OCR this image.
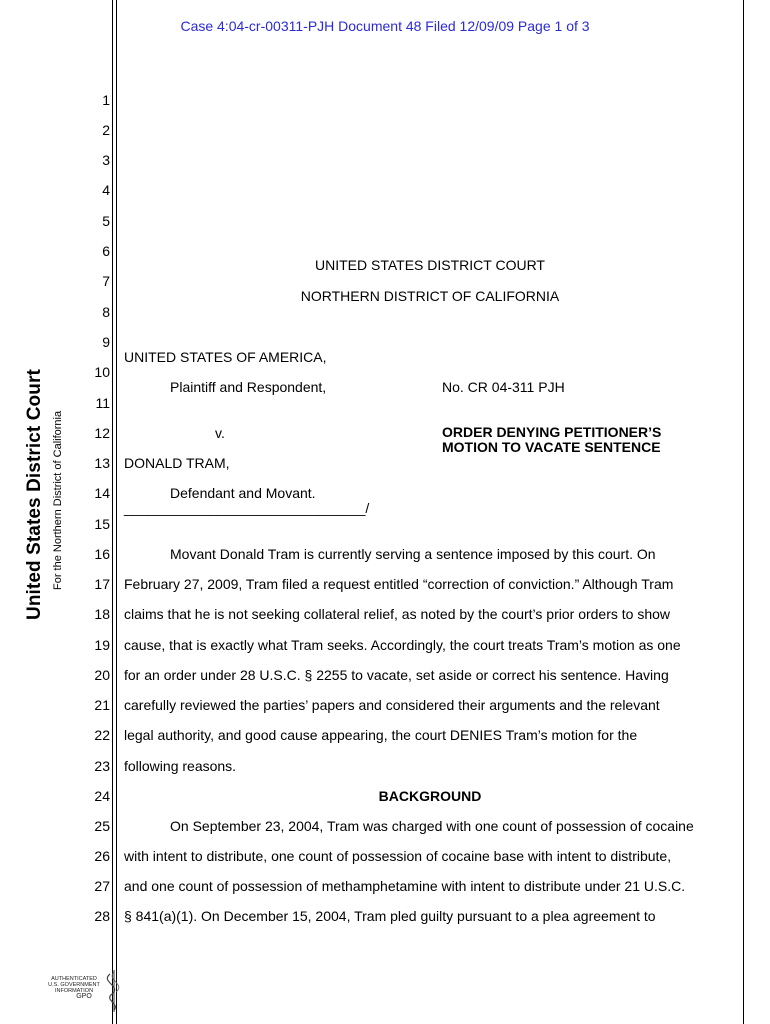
Case 4:04-cr-00311-PJH Document 48 Filed 12/09/09 Page 1 of 3
United States District Court For the Northern District of California
1
2
3
4
5
6
7
8
9
10
11
12
13
14
15
16
17
18
19
20
21
22
23
24
25
26
27
28
UNITED STATES DISTRICT COURT
NORTHERN DISTRICT OF CALIFORNIA
UNITED STATES OF AMERICA,
Plaintiff and Respondent,	No. CR 04-311 PJH
v.	ORDER DENYING PETITIONER’S
MOTION TO VACATE SENTENCE
DONALD TRAM,
Defendant and Movant.
_______________________________/
Movant Donald Tram is currently serving a sentence imposed by this court. On
February 27, 2009, Tram filed a request entitled “correction of conviction.” Although Tram
claims that he is not seeking collateral relief, as noted by the court’s prior orders to show
cause, that is exactly what Tram seeks. Accordingly, the court treats Tram’s motion as one
for an order under 28 U.S.C. § 2255 to vacate, set aside or correct his sentence. Having
carefully reviewed the parties’ papers and considered their arguments and the relevant
legal authority, and good cause appearing, the court DENIES Tram’s motion for the
following reasons.
BACKGROUND
On September 23, 2004, Tram was charged with one count of possession of cocaine
with intent to distribute, one count of possession of cocaine base with intent to distribute,
and one count of possession of methamphetamine with intent to distribute under 21 U.S.C.
§ 841(a)(1). On December 15, 2004, Tram pled guilty pursuant to a plea agreement to
AUTHENTICATED
U.S. GOVERNMENT
INFORMATION
GPO
